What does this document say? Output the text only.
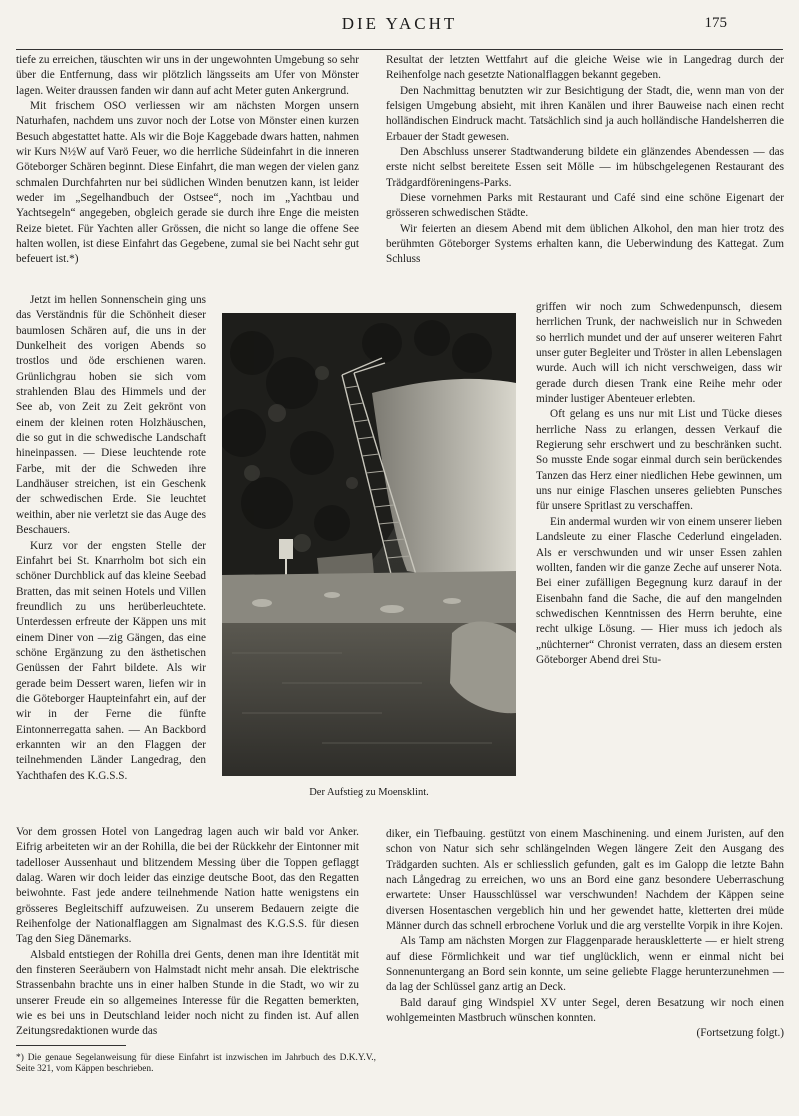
DIE YACHT	175

tiefe zu erreichen, täuschten wir uns in der ungewohnten Umgebung so sehr über die Entfernung, dass wir plötzlich längsseits am Ufer von Mönster lagen. Weiter draussen fanden wir dann auf acht Meter guten Ankergrund.

Mit frischem OSO verliessen wir am nächsten Morgen unsern Naturhafen, nachdem uns zuvor noch der Lotse von Mönster einen kurzen Besuch abgestattet hatte. Als wir die Boje Kaggebade dwars hatten, nahmen wir Kurs N½W auf Varö Feuer, wo die herrliche Südeinfahrt in die inneren Göteborger Schären beginnt. Diese Einfahrt, die man wegen der vielen ganz schmalen Durchfahrten nur bei südlichen Winden benutzen kann, ist leider weder im „Segelhandbuch der Ostsee“, noch im „Yachtbau und Yachtsegeln“ angegeben, obgleich gerade sie durch ihre Enge die meisten Reize bietet. Für Yachten aller Grössen, die nicht so lange die offene See halten wollen, ist diese Einfahrt das Gegebene, zumal sie bei Nacht sehr gut befeuert ist.*)

Jetzt im hellen Sonnenschein ging uns das Verständnis für die Schönheit dieser baumlosen Schären auf, die uns in der Dunkelheit des vorigen Abends so trostlos und öde erschienen waren. Grünlichgrau hoben sie sich vom strahlenden Blau des Himmels und der See ab, von Zeit zu Zeit gekrönt von einem der kleinen roten Holzhäuschen, die so gut in die schwedische Landschaft hineinpassen. — Diese leuchtende rote Farbe, mit der die Schweden ihre Landhäuser streichen, ist ein Geschenk der schwedischen Erde. Sie leuchtet weithin, aber nie verletzt sie das Auge des Beschauers.

Kurz vor der engsten Stelle der Einfahrt bei St. Knarrholm bot sich ein schöner Durchblick auf das kleine Seebad Bratten, das mit seinen Hotels und Villen freundlich zu uns herüberleuchtete. Unterdessen erfreute der Käppen uns mit einem Diner von —zig Gängen, das eine schöne Ergänzung zu den ästhetischen Genüssen der Fahrt bildete. Als wir gerade beim Dessert waren, liefen wir in die Göteborger Haupteinfahrt ein, auf der wir in der Ferne die fünfte Eintonnerregatta sahen. — An Backbord erkannten wir an den Flaggen der teilnehmenden Länder Langedrag, den Yachthafen des K.G.S.S.

Vor dem grossen Hotel von Langedrag lagen auch wir bald vor Anker. Eifrig arbeiteten wir an der Rohilla, die bei der Rückkehr der Eintonner mit tadelloser Aussenhaut und blitzendem Messing über die Toppen geflaggt dalag. Waren wir doch leider das einzige deutsche Boot, das den Regatten beiwohnte. Fast jede andere teilnehmende Nation hatte wenigstens ein grösseres Begleitschiff aufzuweisen. Zu unserem Bedauern zeigte die Reihenfolge der Nationalflaggen am Signalmast des K.G.S.S. für diesen Tag den Sieg Dänemarks.

Alsbald entstiegen der Rohilla drei Gents, denen man ihre Identität mit den finsteren Seeräubern von Halmstadt nicht mehr ansah. Die elektrische Strassenbahn brachte uns in einer halben Stunde in die Stadt, wo wir zu unserer Freude ein so allgemeines Interesse für die Regatten bemerkten, wie es bei uns in Deutschland leider noch nicht zu finden ist. Auf allen Zeitungsredaktionen wurde das

Resultat der letzten Wettfahrt auf die gleiche Weise wie in Langedrag durch der Reihenfolge nach gesetzte Nationalflaggen bekannt gegeben.

Den Nachmittag benutzten wir zur Besichtigung der Stadt, die, wenn man von der felsigen Umgebung absieht, mit ihren Kanälen und ihrer Bauweise nach einen recht holländischen Eindruck macht. Tatsächlich sind ja auch holländische Handelsherren die Erbauer der Stadt gewesen.

Den Abschluss unserer Stadtwanderung bildete ein glänzendes Abendessen — das erste nicht selbst bereitete Essen seit Mölle — im hübschgelegenen Restaurant des Trädgardföreningens-Parks.

Diese vornehmen Parks mit Restaurant und Café sind eine schöne Eigenart der grösseren schwedischen Städte.

Wir feierten an diesem Abend mit dem üblichen Alkohol, den man hier trotz des berühmten Göteborger Systems erhalten kann, die Ueberwindung des Kattegat. Zum Schluss

griffen wir noch zum Schwedenpunsch, diesem herrlichen Trunk, der nachweislich nur in Schweden so herrlich mundet und der auf unserer weiteren Fahrt unser guter Begleiter und Tröster in allen Lebenslagen wurde. Auch will ich nicht verschweigen, dass wir gerade durch diesen Trank eine Reihe mehr oder minder lustiger Abenteuer erlebten.

Oft gelang es uns nur mit List und Tücke dieses herrliche Nass zu erlangen, dessen Verkauf die Regierung sehr erschwert und zu beschränken sucht. So musste Ende sogar einmal durch sein berückendes Tanzen das Herz einer niedlichen Hebe gewinnen, um uns nur einige Flaschen unseres geliebten Punsches für unsere Spritlast zu verschaffen.

Ein andermal wurden wir von einem unserer lieben Landsleute zu einer Flasche Cederlund eingeladen. Als er verschwunden und wir unser Essen zahlen wollten, fanden wir die ganze Zeche auf unserer Nota. Bei einer zufälligen Begegnung kurz darauf in der Eisenbahn fand die Sache, die auf den mangelnden schwedischen Kenntnissen des Herrn beruhte, eine recht ulkige Lösung. — Hier muss ich jedoch als „nüchterner“ Chronist verraten, dass an diesem ersten Göteborger Abend drei Stu-

diker, ein Tiefbauing. gestützt von einem Maschinening. und einem Juristen, auf den schon von Natur sich sehr schlängelnden Wegen längere Zeit den Ausgang des Trädgarden suchten. Als er schliesslich gefunden, galt es im Galopp die letzte Bahn nach Långedrag zu erreichen, wo uns an Bord eine ganz besondere Ueberraschung erwartete: Unser Hausschlüssel war verschwunden! Nachdem der Käppen seine diversen Hosentaschen vergeblich hin und her gewendet hatte, kletterten drei müde Männer durch das schnell erbrochene Vorluk und die arg verstellte Vorpik in ihre Kojen.

Als Tamp am nächsten Morgen zur Flaggenparade herauskletterte — er hielt streng auf diese Förmlichkeit und war tief unglücklich, wenn er einmal nicht bei Sonnenuntergang an Bord sein konnte, um seine geliebte Flagge herunterzunehmen — da lag der Schlüssel ganz artig an Deck.

Bald darauf ging Windspiel XV unter Segel, deren Besatzung wir noch einen wohlgemeinten Mastbruch wünschen konnten.

(Fortsetzung folgt.)

Der Aufstieg zu Moensklint.
*) Die genaue Segelanweisung für diese Einfahrt ist inzwischen im Jahrbuch des D.K.Y.V., Seite 321, vom Käppen beschrieben.
